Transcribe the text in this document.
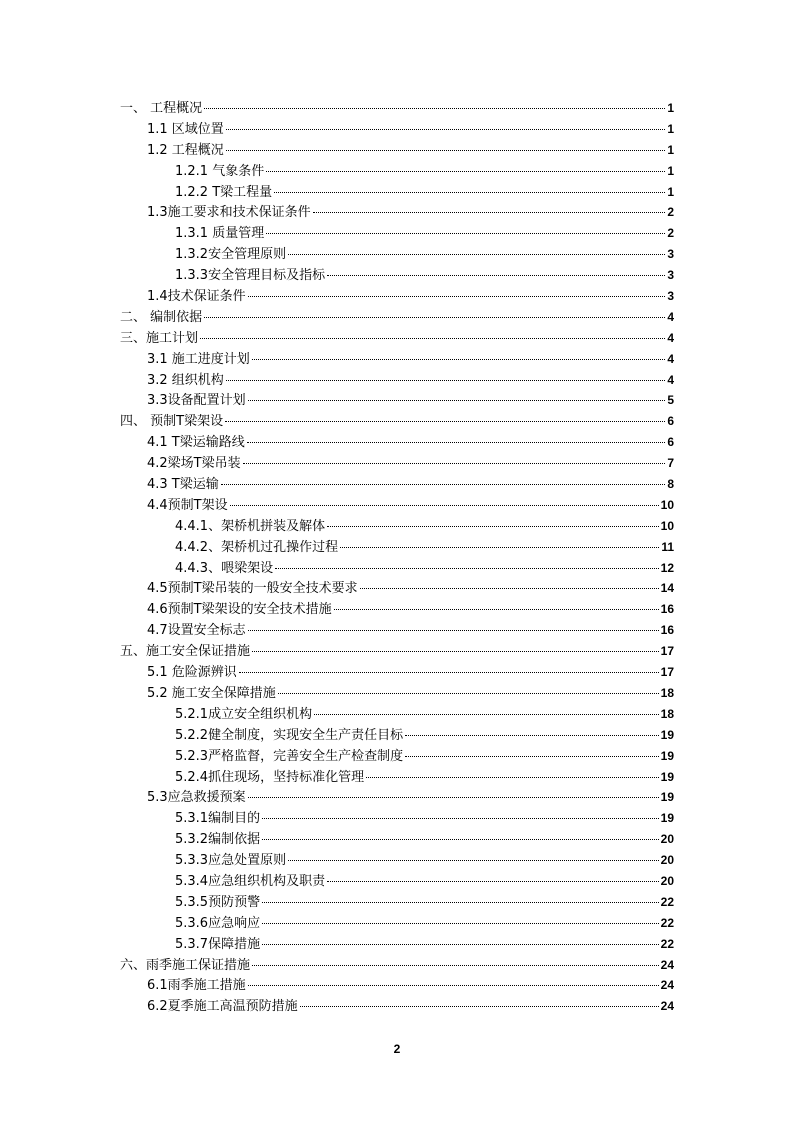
一、 工程概况	1
1.1 区域位置	1
1.2 工程概况	1
1.2.1 气象条件	1
1.2.2 T梁工程量	1
1.3施工要求和技术保证条件	2
1.3.1 质量管理	2
1.3.2安全管理原则	3
1.3.3安全管理目标及指标	3
1.4技术保证条件	3
二、 编制依据	4
三、施工计划	4
3.1 施工进度计划	4
3.2 组织机构	4
3.3设备配置计划	5
四、 预制T梁架设	6
4.1 T梁运输路线	6
4.2梁场T梁吊装	7
4.3 T梁运输	8
4.4预制T架设	10
4.4.1、架桥机拼装及解体	10
4.4.2、架桥机过孔操作过程	11
4.4.3、喂梁架设	12
4.5预制T梁吊装的一般安全技术要求	14
4.6预制T梁架设的安全技术措施	16
4.7设置安全标志	16
五、施工安全保证措施	17
5.1 危险源辨识	17
5.2 施工安全保障措施	18
5.2.1成立安全组织机构	18
5.2.2健全制度，实现安全生产责任目标	19
5.2.3严格监督，完善安全生产检查制度	19
5.2.4抓住现场，坚持标准化管理	19
5.3应急救援预案	19
5.3.1编制目的	19
5.3.2编制依据	20
5.3.3应急处置原则	20
5.3.4应急组织机构及职责	20
5.3.5预防预警	22
5.3.6应急响应	22
5.3.7保障措施	22
六、雨季施工保证措施	24
6.1雨季施工措施	24
6.2夏季施工高温预防措施	24
2
